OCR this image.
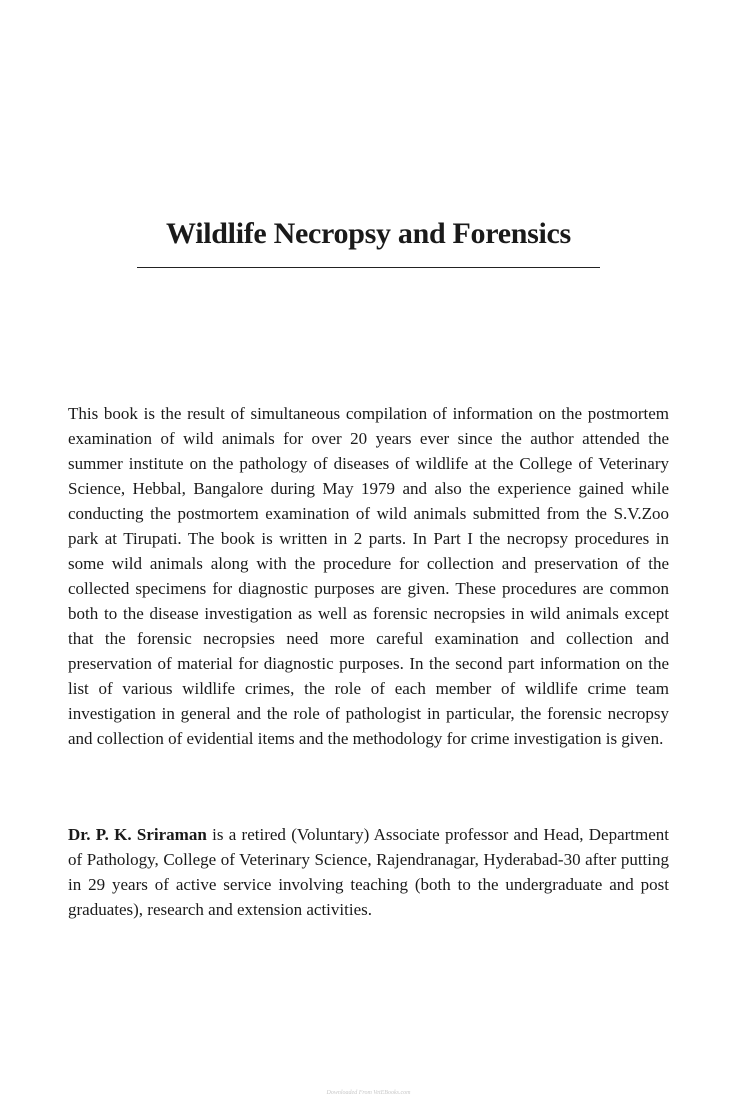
Wildlife Necropsy and Forensics

This book is the result of simultaneous compilation of information on the postmortem examination of wild animals for over 20 years ever since the author attended the summer institute on the pathology of diseases of wildlife at the College of Veterinary Science, Hebbal, Bangalore during May 1979 and also the experience gained while conducting the postmortem examination of wild animals submitted from the S.V.Zoo park at Tirupati. The book is written in 2 parts. In Part I the necropsy procedures in some wild animals along with the procedure for collection and preservation of the collected specimens for diagnostic purposes are given. These procedures are common both to the disease investigation as well as forensic necropsies in wild animals except that the forensic necropsies need more careful examination and collection and preservation of material for diagnostic purposes. In the second part information on the list of various wildlife crimes, the role of each member of wildlife crime team investigation in general and the role of pathologist in particular, the forensic necropsy and collection of evidential items and the methodology for crime investigation is given.

Dr. P. K. Sriraman is a retired (Voluntary) Associate professor and Head, Department of Pathology, College of Veterinary Science, Rajendranagar, Hyderabad-30 after putting in 29 years of active service involving teaching (both to the undergraduate and post graduates), research and extension activities.

Downloaded From VetEBooks.com
